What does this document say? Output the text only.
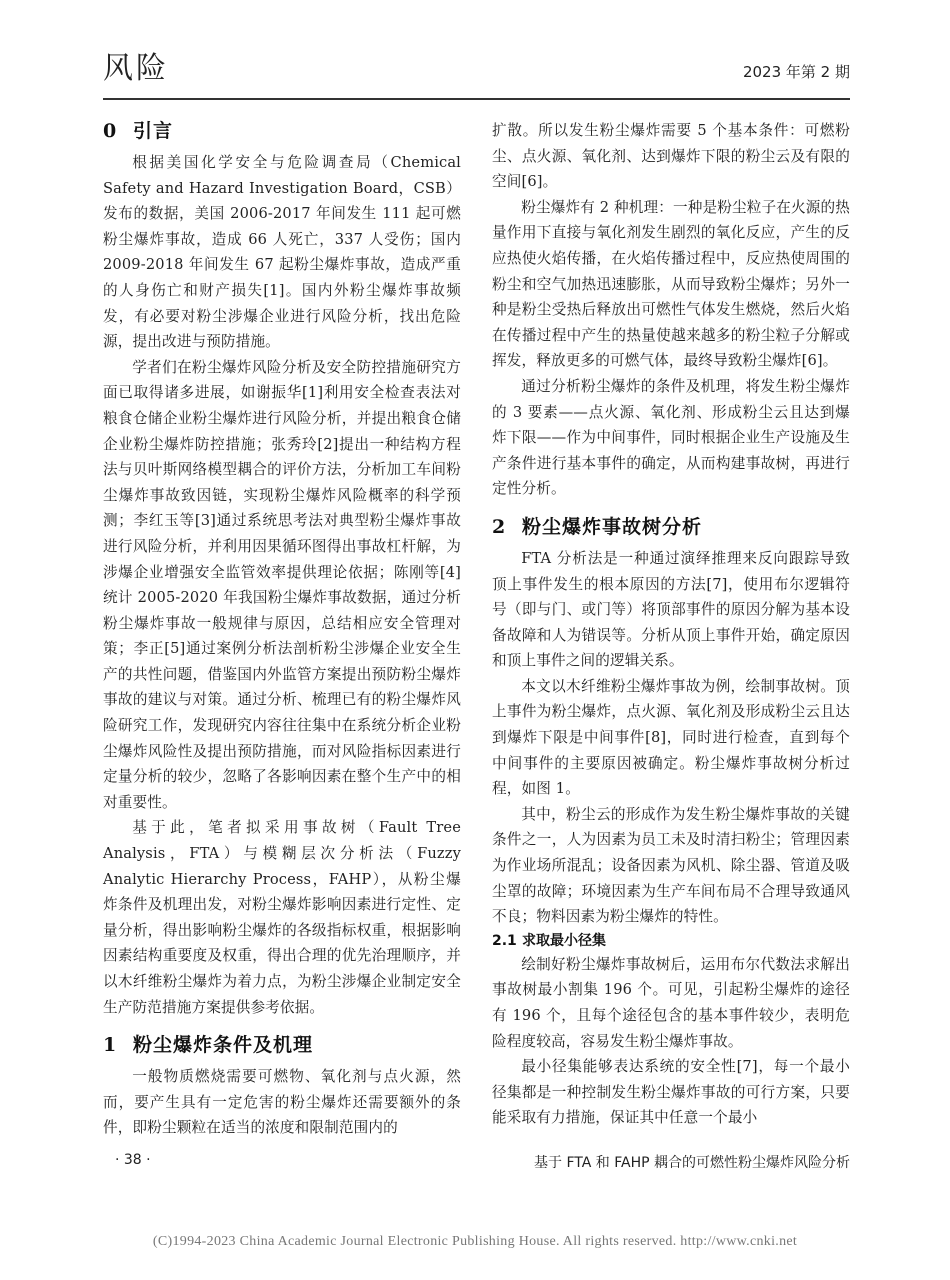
风险	2023 年第 2 期
0 引言

根据美国化学安全与危险调查局（Chemical Safety and Hazard Investigation Board，CSB）发布的数据，美国 2006-2017 年间发生 111 起可燃粉尘爆炸事故，造成 66 人死亡，337 人受伤；国内 2009-2018 年间发生 67 起粉尘爆炸事故，造成严重的人身伤亡和财产损失[1]。国内外粉尘爆炸事故频发，有必要对粉尘涉爆企业进行风险分析，找出危险源，提出改进与预防措施。

学者们在粉尘爆炸风险分析及安全防控措施研究方面已取得诸多进展，如谢振华[1]利用安全检查表法对粮食仓储企业粉尘爆炸进行风险分析，并提出粮食仓储企业粉尘爆炸防控措施；张秀玲[2]提出一种结构方程法与贝叶斯网络模型耦合的评价方法，分析加工车间粉尘爆炸事故致因链，实现粉尘爆炸风险概率的科学预测；李红玉等[3]通过系统思考法对典型粉尘爆炸事故进行风险分析，并利用因果循环图得出事故杠杆解，为涉爆企业增强安全监管效率提供理论依据；陈刚等[4]统计 2005-2020 年我国粉尘爆炸事故数据，通过分析粉尘爆炸事故一般规律与原因，总结相应安全管理对策；李正[5]通过案例分析法剖析粉尘涉爆企业安全生产的共性问题，借鉴国内外监管方案提出预防粉尘爆炸事故的建议与对策。通过分析、梳理已有的粉尘爆炸风险研究工作，发现研究内容往往集中在系统分析企业粉尘爆炸风险性及提出预防措施，而对风险指标因素进行定量分析的较少，忽略了各影响因素在整个生产中的相对重要性。

基于此，笔者拟采用事故树（Fault Tree Analysis，FTA）与模糊层次分析法（Fuzzy Analytic Hierarchy Process，FAHP），从粉尘爆炸条件及机理出发，对粉尘爆炸影响因素进行定性、定量分析，得出影响粉尘爆炸的各级指标权重，根据影响因素结构重要度及权重，得出合理的优先治理顺序，并以木纤维粉尘爆炸为着力点，为粉尘涉爆企业制定安全生产防范措施方案提供参考依据。

1 粉尘爆炸条件及机理

一般物质燃烧需要可燃物、氧化剂与点火源，然而，要产生具有一定危害的粉尘爆炸还需要额外的条件，即粉尘颗粒在适当的浓度和限制范围内的

扩散。所以发生粉尘爆炸需要 5 个基本条件：可燃粉尘、点火源、氧化剂、达到爆炸下限的粉尘云及有限的空间[6]。

粉尘爆炸有 2 种机理：一种是粉尘粒子在火源的热量作用下直接与氧化剂发生剧烈的氧化反应，产生的反应热使火焰传播，在火焰传播过程中，反应热使周围的粉尘和空气加热迅速膨胀，从而导致粉尘爆炸；另外一种是粉尘受热后释放出可燃性气体发生燃烧，然后火焰在传播过程中产生的热量使越来越多的粉尘粒子分解或挥发，释放更多的可燃气体，最终导致粉尘爆炸[6]。

通过分析粉尘爆炸的条件及机理，将发生粉尘爆炸的 3 要素——点火源、氧化剂、形成粉尘云且达到爆炸下限——作为中间事件，同时根据企业生产设施及生产条件进行基本事件的确定，从而构建事故树，再进行定性分析。

2 粉尘爆炸事故树分析

FTA 分析法是一种通过演绎推理来反向跟踪导致顶上事件发生的根本原因的方法[7]，使用布尔逻辑符号（即与门、或门等）将顶部事件的原因分解为基本设备故障和人为错误等。分析从顶上事件开始，确定原因和顶上事件之间的逻辑关系。

本文以木纤维粉尘爆炸事故为例，绘制事故树。顶上事件为粉尘爆炸，点火源、氧化剂及形成粉尘云且达到爆炸下限是中间事件[8]，同时进行检查，直到每个中间事件的主要原因被确定。粉尘爆炸事故树分析过程，如图 1。

其中，粉尘云的形成作为发生粉尘爆炸事故的关键条件之一，人为因素为员工未及时清扫粉尘；管理因素为作业场所混乱；设备因素为风机、除尘器、管道及吸尘罩的故障；环境因素为生产车间布局不合理导致通风不良；物料因素为粉尘爆炸的特性。

2.1 求取最小径集

绘制好粉尘爆炸事故树后，运用布尔代数法求解出事故树最小割集 196 个。可见，引起粉尘爆炸的途径有 196 个，且每个途径包含的基本事件较少，表明危险程度较高，容易发生粉尘爆炸事故。

最小径集能够表达系统的安全性[7]，每一个最小径集都是一种控制发生粉尘爆炸事故的可行方案，只要能采取有力措施，保证其中任意一个最小

· 38 ·	基于 FTA 和 FAHP 耦合的可燃性粉尘爆炸风险分析
(C)1994-2023 China Academic Journal Electronic Publishing House. All rights reserved. http://www.cnki.net
